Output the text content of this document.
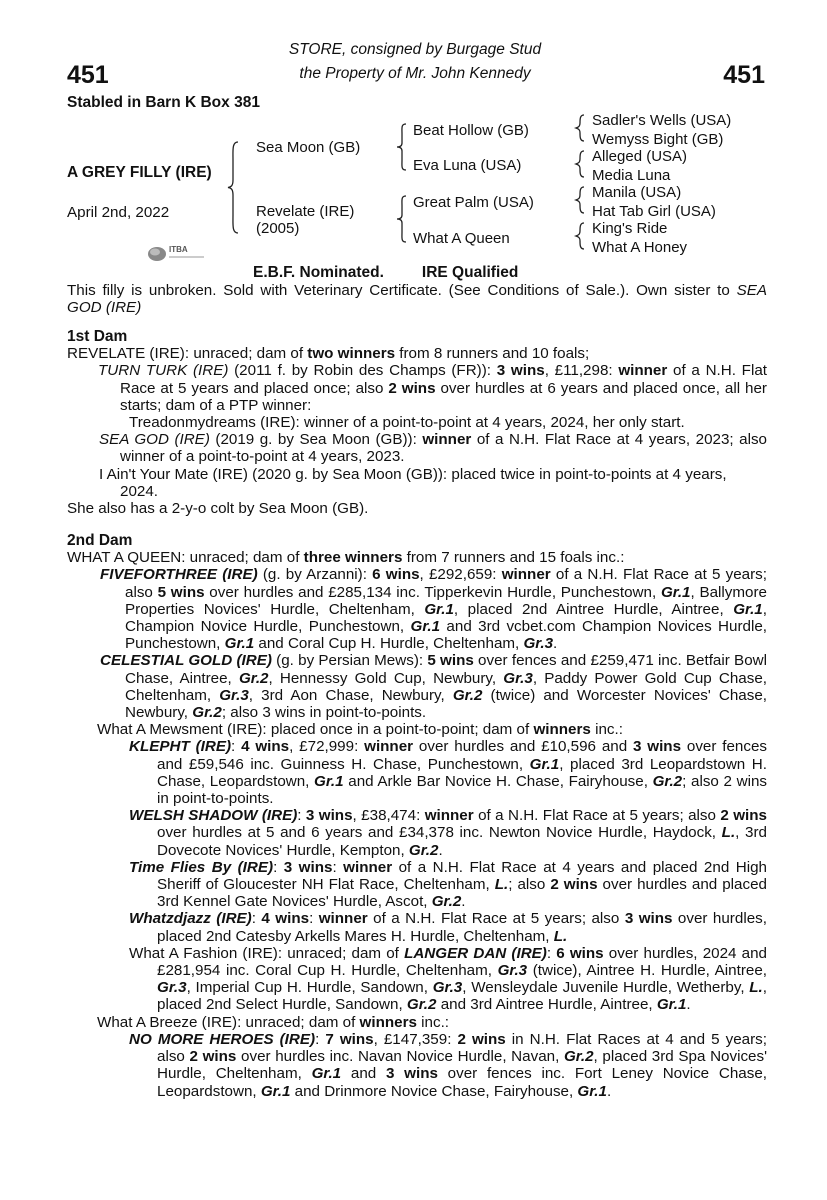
451	451
STORE, consigned by Burgage Stud
the Property of Mr. John Kennedy
Stabled in Barn K Box 381
A GREY FILLY (IRE)
April 2nd, 2022
Sea Moon (GB)
Revelate (IRE)
(2005)
Beat Hollow (GB)
Eva Luna (USA)
Great Palm (USA)
What A Queen
Sadler's Wells (USA)
Wemyss Bight (GB)
Alleged (USA)
Media Luna
Manila (USA)
Hat Tab Girl (USA)
King's Ride
What A Honey
ITBA
E.B.F. Nominated. IRE Qualified

This filly is unbroken. Sold with Veterinary Certificate. (See Conditions of Sale.). Own sister to SEA GOD (IRE)

1st Dam

REVELATE (IRE): unraced; dam of two winners from 8 runners and 10 foals;

TURN TURK (IRE) (2011 f. by Robin des Champs (FR)): 3 wins, £11,298: winner of a N.H. Flat Race at 5 years and placed once; also 2 wins over hurdles at 6 years and placed once, all her starts; dam of a PTP winner:

Treadonmydreams (IRE): winner of a point-to-point at 4 years, 2024, her only start.

SEA GOD (IRE) (2019 g. by Sea Moon (GB)): winner of a N.H. Flat Race at 4 years, 2023; also winner of a point-to-point at 4 years, 2023.

I Ain't Your Mate (IRE) (2020 g. by Sea Moon (GB)): placed twice in point-to-points at 4 years, 2024.

She also has a 2-y-o colt by Sea Moon (GB).

2nd Dam

WHAT A QUEEN: unraced; dam of three winners from 7 runners and 15 foals inc.:

FIVEFORTHREE (IRE) (g. by Arzanni): 6 wins, £292,659: winner of a N.H. Flat Race at 5 years; also 5 wins over hurdles and £285,134 inc. Tipperkevin Hurdle, Punchestown, Gr.1, Ballymore Properties Novices' Hurdle, Cheltenham, Gr.1, placed 2nd Aintree Hurdle, Aintree, Gr.1, Champion Novice Hurdle, Punchestown, Gr.1 and 3rd vcbet.com Champion Novices Hurdle, Punchestown, Gr.1 and Coral Cup H. Hurdle, Cheltenham, Gr.3.

CELESTIAL GOLD (IRE) (g. by Persian Mews): 5 wins over fences and £259,471 inc. Betfair Bowl Chase, Aintree, Gr.2, Hennessy Gold Cup, Newbury, Gr.3, Paddy Power Gold Cup Chase, Cheltenham, Gr.3, 3rd Aon Chase, Newbury, Gr.2 (twice) and Worcester Novices' Chase, Newbury, Gr.2; also 3 wins in point-to-points.

What A Mewsment (IRE): placed once in a point-to-point; dam of winners inc.:

KLEPHT (IRE): 4 wins, £72,999: winner over hurdles and £10,596 and 3 wins over fences and £59,546 inc. Guinness H. Chase, Punchestown, Gr.1, placed 3rd Leopardstown H. Chase, Leopardstown, Gr.1 and Arkle Bar Novice H. Chase, Fairyhouse, Gr.2; also 2 wins in point-to-points.

WELSH SHADOW (IRE): 3 wins, £38,474: winner of a N.H. Flat Race at 5 years; also 2 wins over hurdles at 5 and 6 years and £34,378 inc. Newton Novice Hurdle, Haydock, L., 3rd Dovecote Novices' Hurdle, Kempton, Gr.2.

Time Flies By (IRE): 3 wins: winner of a N.H. Flat Race at 4 years and placed 2nd High Sheriff of Gloucester NH Flat Race, Cheltenham, L.; also 2 wins over hurdles and placed 3rd Kennel Gate Novices' Hurdle, Ascot, Gr.2.

Whatzdjazz (IRE): 4 wins: winner of a N.H. Flat Race at 5 years; also 3 wins over hurdles, placed 2nd Catesby Arkells Mares H. Hurdle, Cheltenham, L.

What A Fashion (IRE): unraced; dam of LANGER DAN (IRE): 6 wins over hurdles, 2024 and £281,954 inc. Coral Cup H. Hurdle, Cheltenham, Gr.3 (twice), Aintree H. Hurdle, Aintree, Gr.3, Imperial Cup H. Hurdle, Sandown, Gr.3, Wensleydale Juvenile Hurdle, Wetherby, L., placed 2nd Select Hurdle, Sandown, Gr.2 and 3rd Aintree Hurdle, Aintree, Gr.1.

What A Breeze (IRE): unraced; dam of winners inc.:

NO MORE HEROES (IRE): 7 wins, £147,359: 2 wins in N.H. Flat Races at 4 and 5 years; also 2 wins over hurdles inc. Navan Novice Hurdle, Navan, Gr.2, placed 3rd Spa Novices' Hurdle, Cheltenham, Gr.1 and 3 wins over fences inc. Fort Leney Novice Chase, Leopardstown, Gr.1 and Drinmore Novice Chase, Fairyhouse, Gr.1.
